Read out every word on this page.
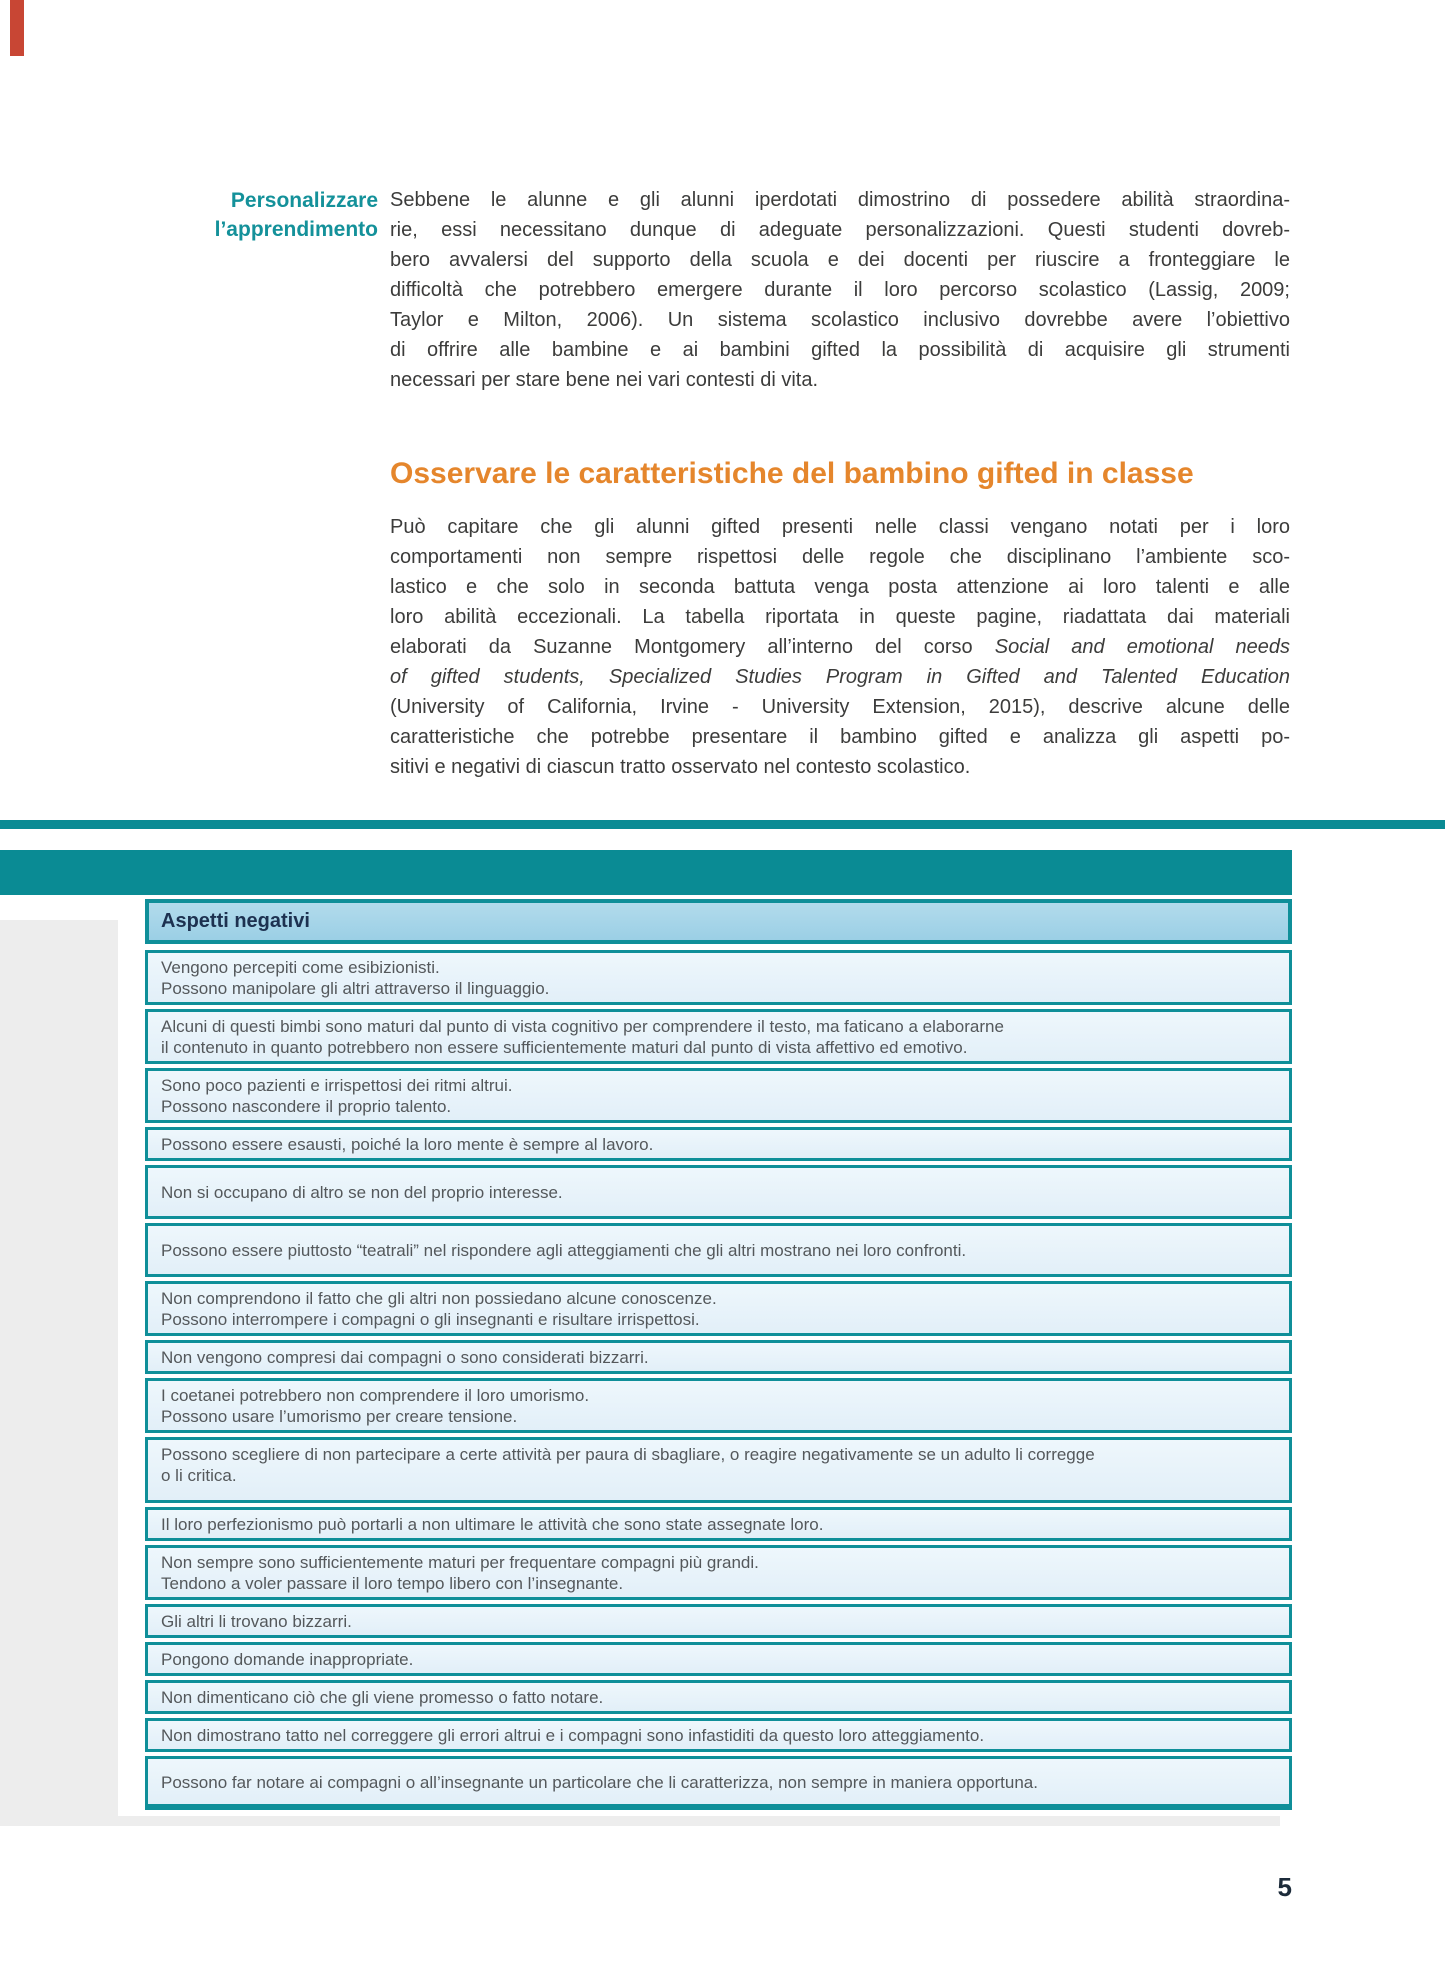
Personalizzare
l’apprendimento
Sebbene le alunne e gli alunni iperdotati dimostrino di possedere abilità straordina-
rie, essi necessitano dunque di adeguate personalizzazioni. Questi studenti dovreb-
bero avvalersi del supporto della scuola e dei docenti per riuscire a fronteggiare le
difficoltà che potrebbero emergere durante il loro percorso scolastico (Lassig, 2009;
Taylor e Milton, 2006). Un sistema scolastico inclusivo dovrebbe avere l’obiettivo
di offrire alle bambine e ai bambini gifted la possibilità di acquisire gli strumenti
necessari per stare bene nei vari contesti di vita.
Osservare le caratteristiche del bambino gifted in classe
Può capitare che gli alunni gifted presenti nelle classi vengano notati per i loro
comportamenti non sempre rispettosi delle regole che disciplinano l’ambiente sco-
lastico e che solo in seconda battuta venga posta attenzione ai loro talenti e alle
loro abilità eccezionali. La tabella riportata in queste pagine, riadattata dai materiali
elaborati da Suzanne Montgomery all’interno del corso Social and emotional needs
of gifted students, Specialized Studies Program in Gifted and Talented Education
(University of California, Irvine - University Extension, 2015), descrive alcune delle
caratteristiche che potrebbe presentare il bambino gifted e analizza gli aspetti po-
sitivi e negativi di ciascun tratto osservato nel contesto scolastico.
Aspetti negativi
Vengono percepiti come esibizionisti.
Possono manipolare gli altri attraverso il linguaggio.
Alcuni di questi bimbi sono maturi dal punto di vista cognitivo per comprendere il testo, ma faticano a elaborarne
il contenuto in quanto potrebbero non essere sufficientemente maturi dal punto di vista affettivo ed emotivo.
Sono poco pazienti e irrispettosi dei ritmi altrui.
Possono nascondere il proprio talento.
Possono essere esausti, poiché la loro mente è sempre al lavoro.
Non si occupano di altro se non del proprio interesse.
Possono essere piuttosto “teatrali” nel rispondere agli atteggiamenti che gli altri mostrano nei loro confronti.
Non comprendono il fatto che gli altri non possiedano alcune conoscenze.
Possono interrompere i compagni o gli insegnanti e risultare irrispettosi.
Non vengono compresi dai compagni o sono considerati bizzarri.
I coetanei potrebbero non comprendere il loro umorismo.
Possono usare l’umorismo per creare tensione.
Possono scegliere di non partecipare a certe attività per paura di sbagliare, o reagire negativamente se un adulto li corregge
o li critica.
Il loro perfezionismo può portarli a non ultimare le attività che sono state assegnate loro.
Non sempre sono sufficientemente maturi per frequentare compagni più grandi.
Tendono a voler passare il loro tempo libero con l’insegnante.
Gli altri li trovano bizzarri.
Pongono domande inappropriate.
Non dimenticano ciò che gli viene promesso o fatto notare.
Non dimostrano tatto nel correggere gli errori altrui e i compagni sono infastiditi da questo loro atteggiamento.
Possono far notare ai compagni o all’insegnante un particolare che li caratterizza, non sempre in maniera opportuna.
5
